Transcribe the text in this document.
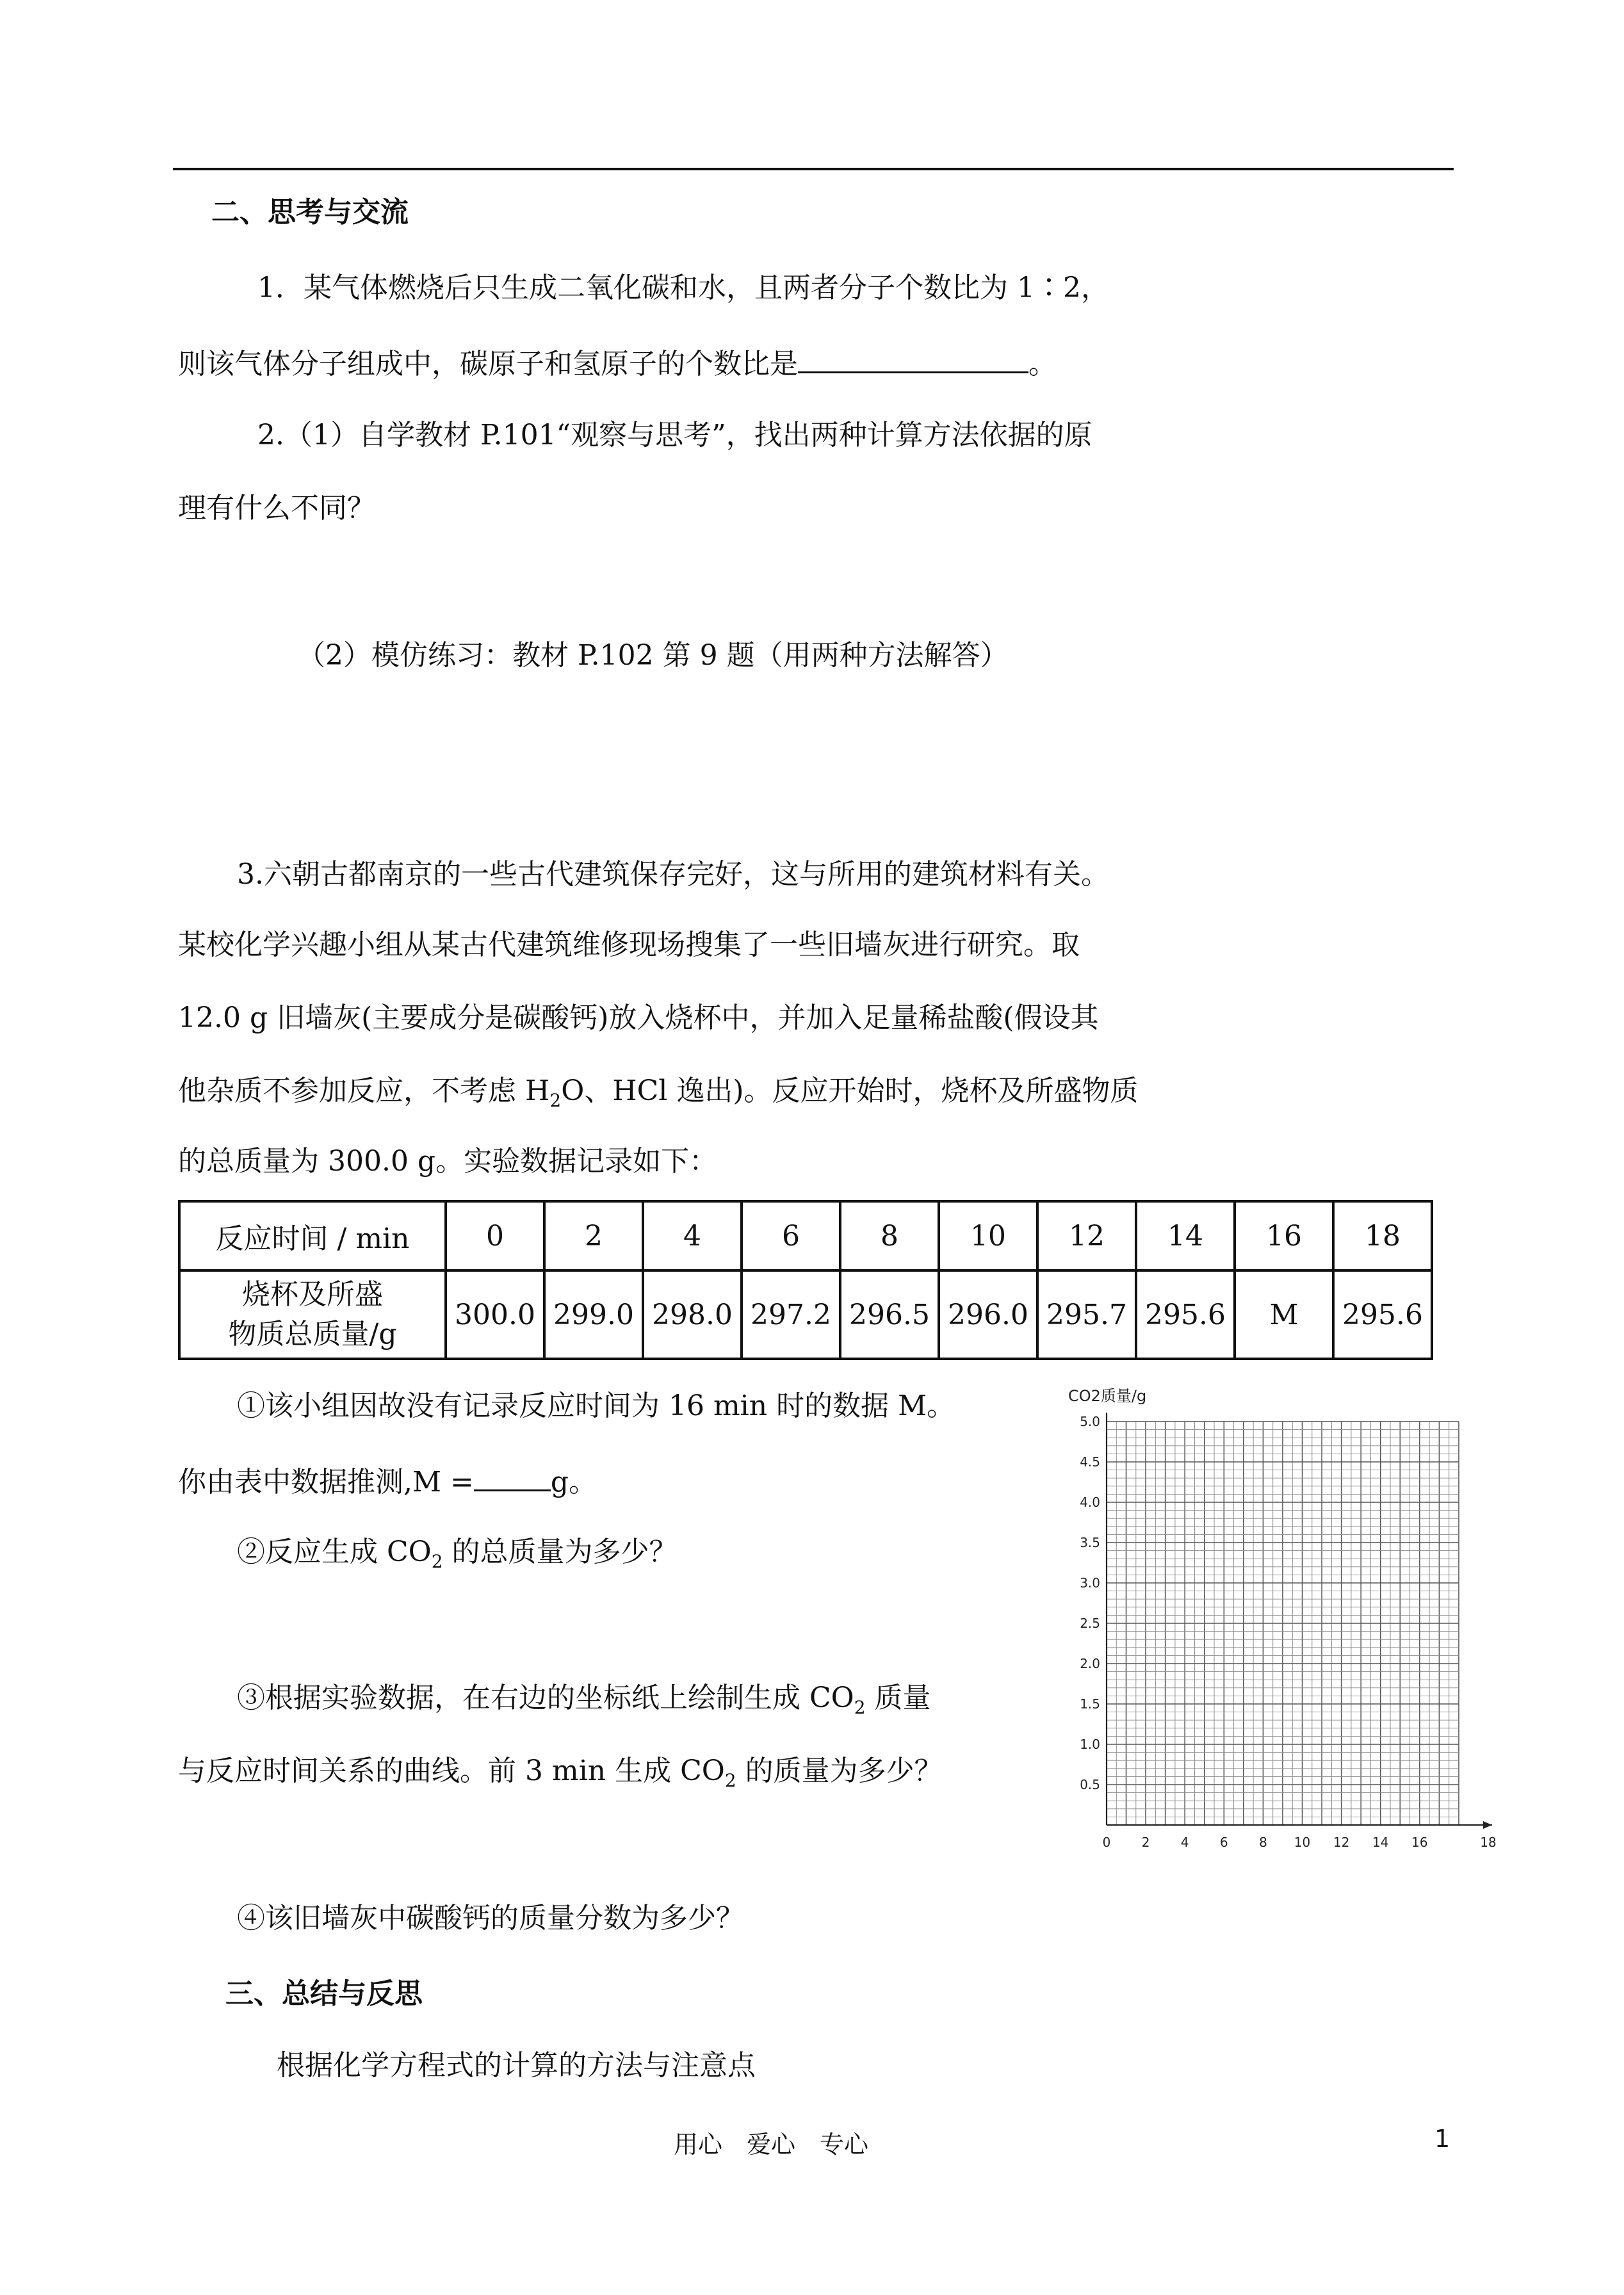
二、思考与交流
1．某气体燃烧后只生成二氧化碳和水，且两者分子个数比为 1∶2，
则该气体分子组成中，碳原子和氢原子的个数比是	。
2.（1）自学教材 P.101“观察与思考”，找出两种计算方法依据的原
理有什么不同？
（2）模仿练习：教材 P.102 第 9 题（用两种方法解答）
3.六朝古都南京的一些古代建筑保存完好，这与所用的建筑材料有关。
某校化学兴趣小组从某古代建筑维修现场搜集了一些旧墙灰进行研究。取
12.0 g 旧墙灰(主要成分是碳酸钙)放入烧杯中，并加入足量稀盐酸(假设其
他杂质不参加反应，不考虑 $H_2O$、HCl 逸出)。反应开始时，烧杯及所盛物质
的总质量为 300.0 g。实验数据记录如下：
反应时间 / min	0	2	4	6	8	10	12	14	16	18

烧杯及所盛
物质总质量/g	300.0	299.0	298.0	297.2	296.5	296.0	295.7	295.6	M	295.6
①该小组因故没有记录反应时间为 16 min 时的数据 M。
你由表中数据推测,M =	g。
②反应生成 $CO_2$ 的总质量为多少？
③根据实验数据，在右边的坐标纸上绘制生成 $CO_2$ 质量
与反应时间关系的曲线。前 3 min 生成 $CO_2$ 的质量为多少？	0.5
1.0
1.5
2.0
2.5
3.0
3.5
4.0
4.5
5.0
0 2 4 6 8 10 12 14 16	18
CO2质量/g
④该旧墙灰中碳酸钙的质量分数为多少？
三、总结与反思
根据化学方程式的计算的方法与注意点
用心　爱心　专心	1
